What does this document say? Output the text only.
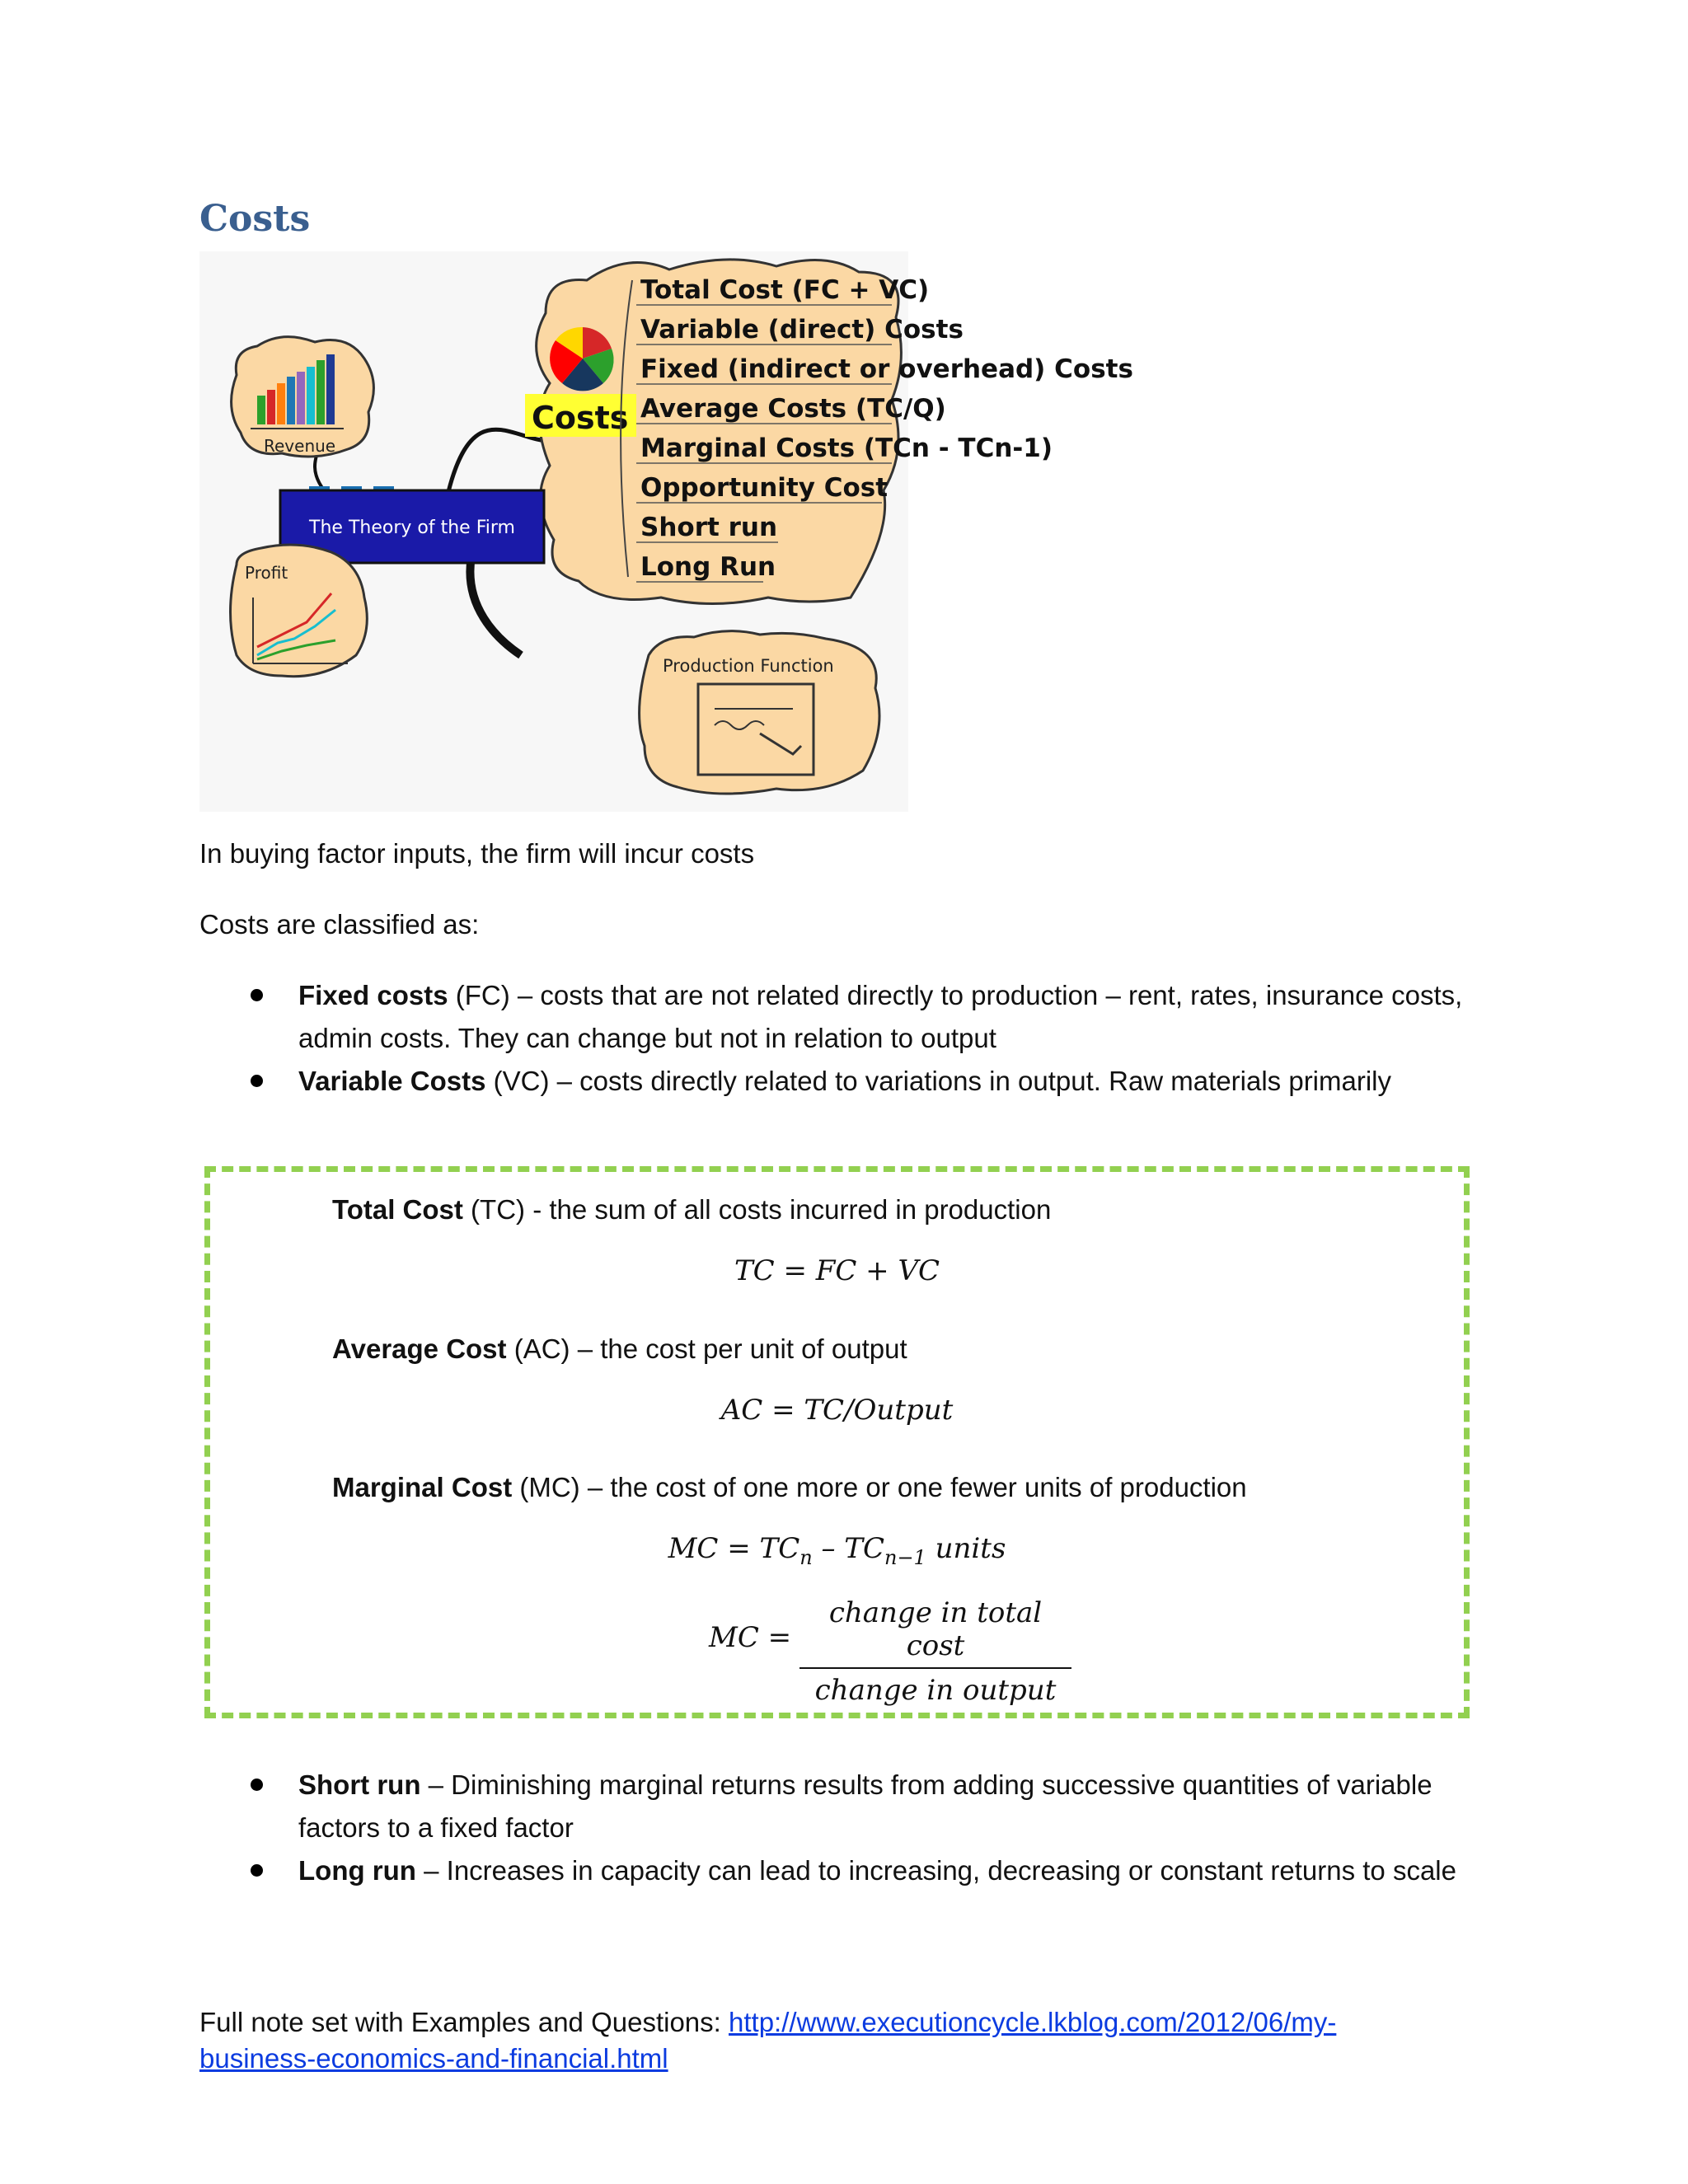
Costs
Costs
Total Cost (FC + VC)
Variable (direct) Costs
Fixed (indirect or overhead) Costs
Average Costs (TC/Q)
Marginal Costs (TCn - TCn-1)
Opportunity Cost
Short run
Long Run
Revenue
The Theory of the Firm
Profit
Production Function
In buying factor inputs, the firm will incur costs
Costs are classified as:
Fixed costs (FC) – costs that are not related directly to production – rent, rates, insurance costs,
admin costs. They can change but not in relation to output
Variable Costs (VC) – costs directly related to variations in output. Raw materials primarily
Total Cost (TC) - the sum of all costs incurred in production
TC = FC + VC
Average Cost (AC) – the cost per unit of output
AC = TC/Output
Marginal Cost (MC) – the cost of one more or one fewer units of production
MC = $TC_n - TC_{n-1}$ units
MC =
change in total cost
change in output
Short run – Diminishing marginal returns results from adding successive quantities of variable
factors to a fixed factor
Long run – Increases in capacity can lead to increasing, decreasing or constant returns to scale
Full note set with Examples and Questions: http://www.executioncycle.lkblog.com/2012/06/my-
business-economics-and-financial.html
